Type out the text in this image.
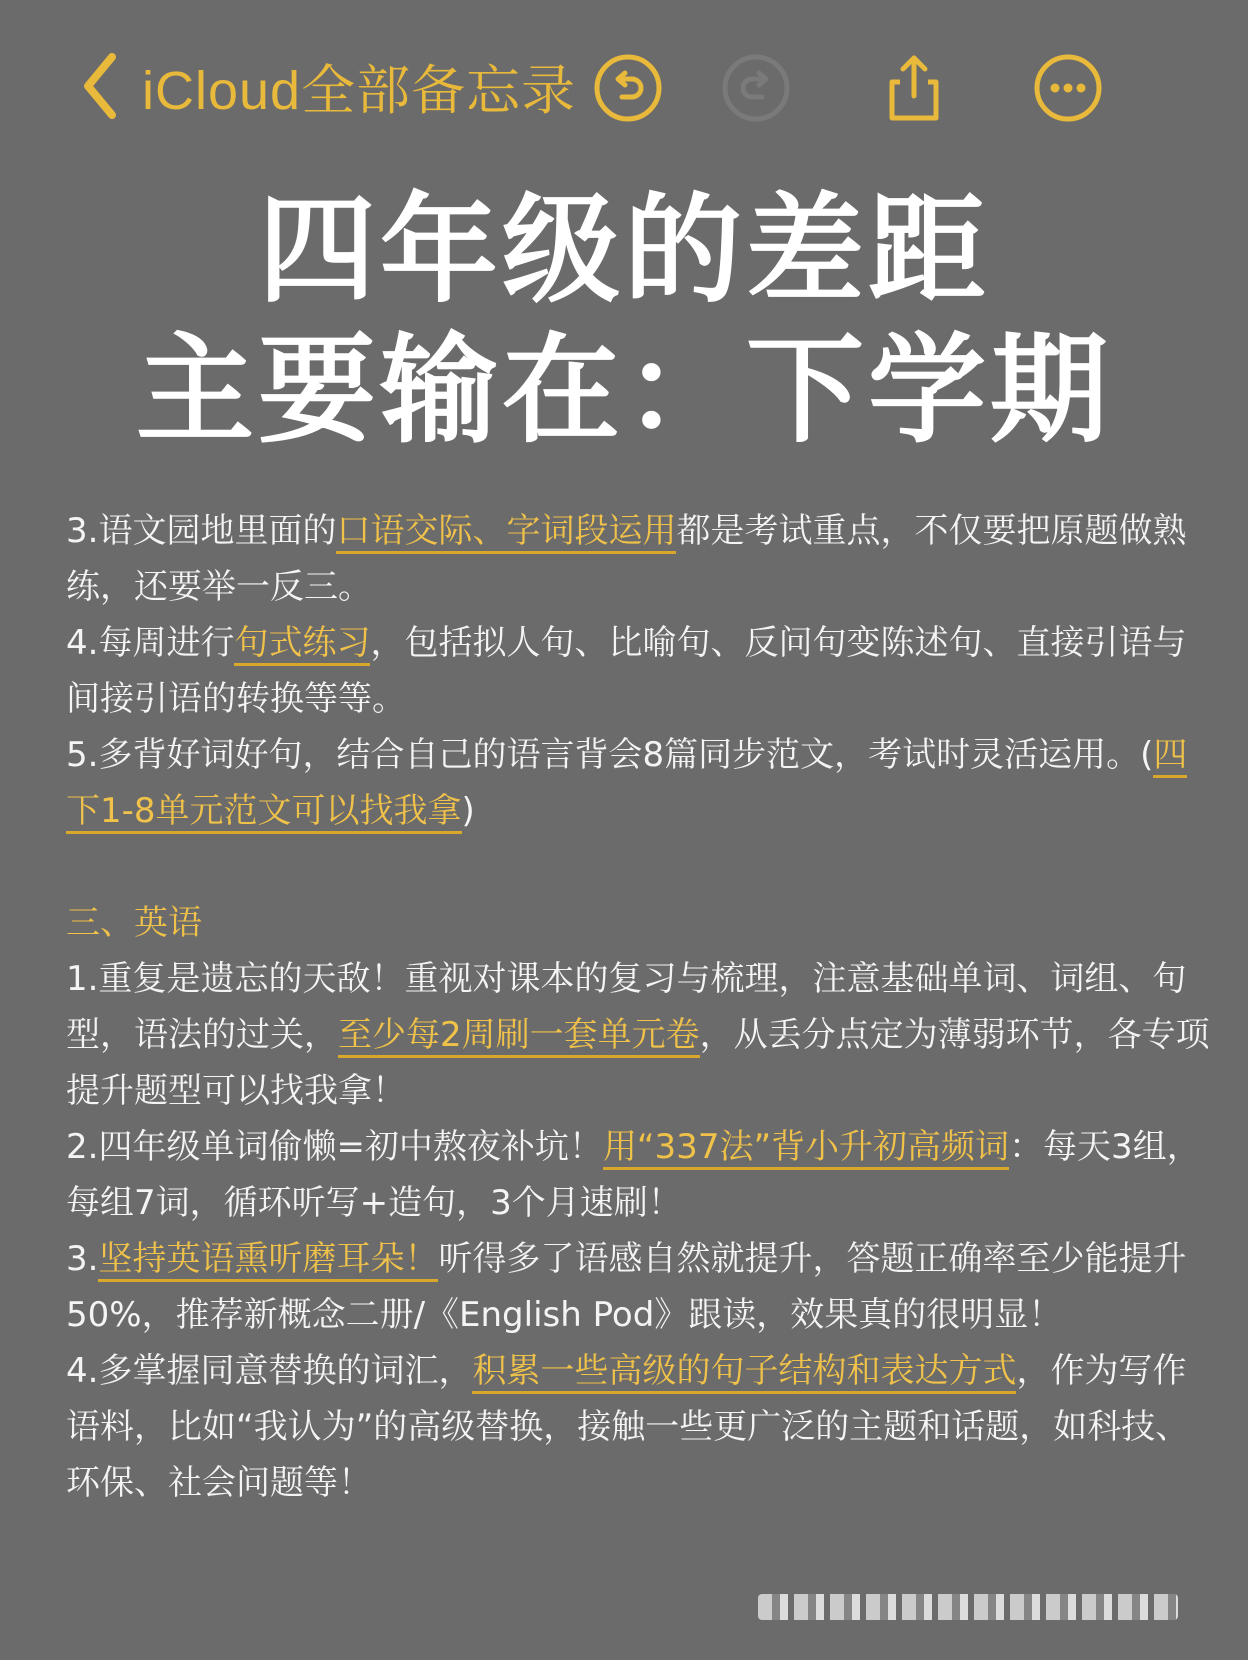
iCloud全部备忘录
四年级的差距
主要输在：下学期

3.语文园地里面的口语交际、字词段运用都是考试重点，不仅要把原题做熟练，还要举一反三。

4.每周进行句式练习，包括拟人句、比喻句、反问句变陈述句、直接引语与间接引语的转换等等。

5.多背好词好句，结合自己的语言背会8篇同步范文，考试时灵活运用。(四下1-8单元范文可以找我拿)

三、英语

1.重复是遗忘的天敌！重视对课本的复习与梳理，注意基础单词、词组、句型，语法的过关，至少每2周刷一套单元卷，从丢分点定为薄弱环节，各专项提升题型可以找我拿！

2.四年级单词偷懒=初中熬夜补坑！用“337法”背小升初高频词：每天3组，每组7词，循环听写+造句，3个月速刷！

3.坚持英语熏听磨耳朵！听得多了语感自然就提升，答题正确率至少能提升50%，推荐新概念二册/《English Pod》跟读，效果真的很明显！

4.多掌握同意替换的词汇，积累一些高级的句子结构和表达方式，作为写作语料，比如“我认为”的高级替换，接触一些更广泛的主题和话题，如科技、环保、社会问题等！
